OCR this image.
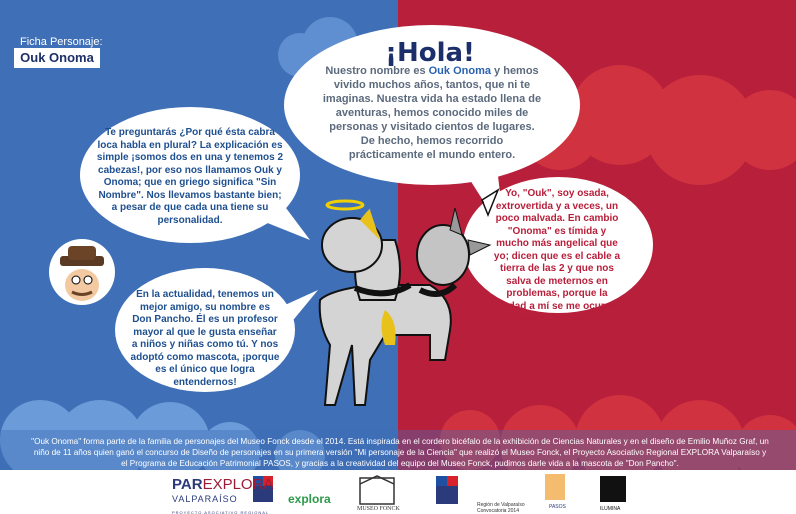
Ficha Personaje:
Ouk Onoma	¡Hola!
Nuestro nombre es Ouk Onoma y hemos vivido muchos años, tantos, que ni te imaginas. Nuestra vida ha estado llena de aventuras, hemos conocido miles de personas y visitado cientos de lugares. De hecho, hemos recorrido prácticamente el mundo entero.
Te preguntarás ¿Por qué ésta cabra loca habla en plural? La explicación es simple ¡somos dos en una y tenemos 2 cabezas!, por eso nos llamamos Ouk y Onoma; que en griego significa "Sin Nombre". Nos llevamos bastante bien; a pesar de que cada una tiene su personalidad.
En la actualidad, tenemos un mejor amigo, su nombre es Don Pancho. Él es un profesor mayor al que le gusta enseñar a niños y niñas como tú. Y nos adoptó como mascota, ¡porque es el único que logra entendernos!
Yo, "Ouk", soy osada, extrovertida y a veces, un poco malvada. En cambio "Onoma" es tímida y mucho más angelical que yo; dicen que es el cable a tierra de las 2 y que nos salva de meternos en problemas, porque la verdad a mí se me ocurren ¡puras travesuras!
"Ouk Onoma" forma parte de la familia de personajes del Museo Fonck desde el 2014. Está inspirada en el cordero bicéfalo de la exhibición de Ciencias Naturales y en el diseño de Emilio Muñoz Graf, un niño de 11 años quien ganó el concurso de Diseño de personajes en su primera versión "Mi personaje de la Ciencia" que realizó el Museo Fonck, el Proyecto Asociativo Regional EXPLORA Valparaíso y el Programa de Educación Patrimonial PASOS, y gracias a la creatividad del equipo del Museo Fonck, pudimos darle vida a la mascota de "Don Pancho".
PAREXPLORA
VALPARAÍSO
PROYECTO ASOCIATIVO REGIONAL
explora
MUSEO FONCK
Región de Valparaíso Convocatoria 2014
PASOS	ILUMINA
